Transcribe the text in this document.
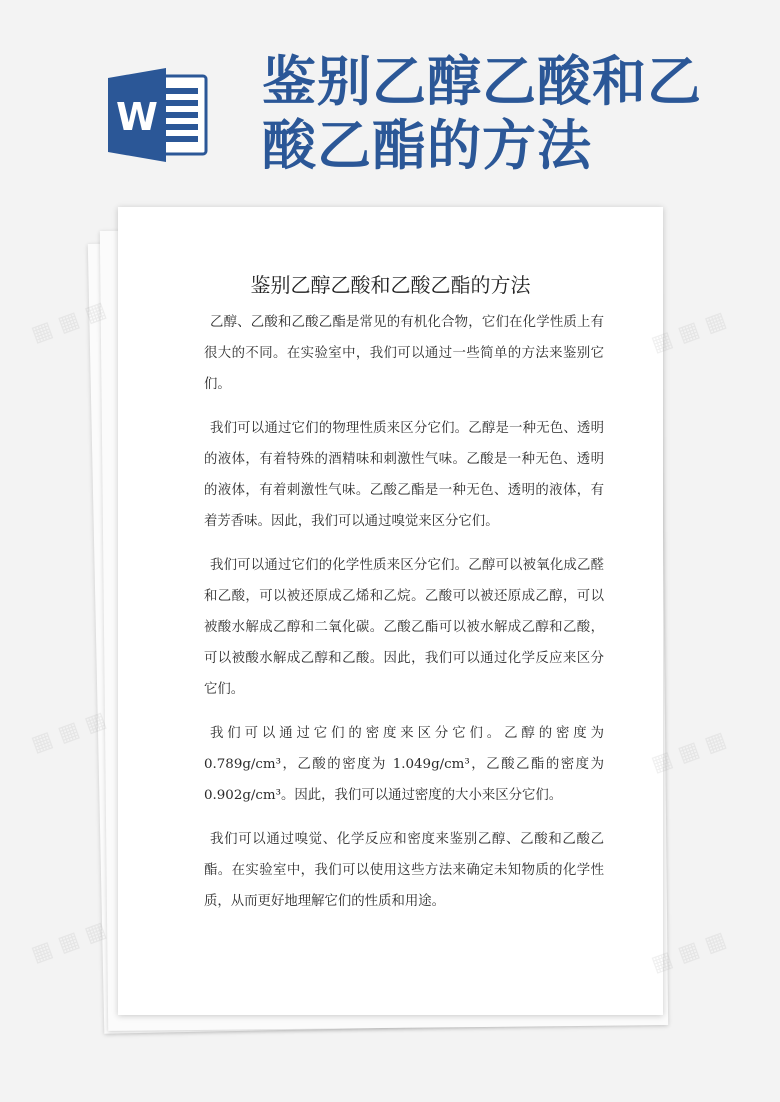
W
鉴别乙醇乙酸和乙酸乙酯的方法
鉴别乙醇乙酸和乙酸乙酯的方法

乙醇、乙酸和乙酸乙酯是常见的有机化合物，它们在化学性质上有很大的不同。在实验室中，我们可以通过一些简单的方法来鉴别它们。

我们可以通过它们的物理性质来区分它们。乙醇是一种无色、透明的液体，有着特殊的酒精味和刺激性气味。乙酸是一种无色、透明的液体，有着刺激性气味。乙酸乙酯是一种无色、透明的液体，有着芳香味。因此，我们可以通过嗅觉来区分它们。

我们可以通过它们的化学性质来区分它们。乙醇可以被氧化成乙醛和乙酸，可以被还原成乙烯和乙烷。乙酸可以被还原成乙醇，可以被酸水解成乙醇和二氧化碳。乙酸乙酯可以被水解成乙醇和乙酸，可以被酸水解成乙醇和乙酸。因此，我们可以通过化学反应来区分它们。

我们可以通过它们的密度来区分它们。乙醇的密度为 0.789g/cm³，乙酸的密度为 1.049g/cm³，乙酸乙酯的密度为 0.902g/cm³。因此，我们可以通过密度的大小来区分它们。

我们可以通过嗅觉、化学反应和密度来鉴别乙醇、乙酸和乙酸乙酯。在实验室中，我们可以使用这些方法来确定未知物质的化学性质，从而更好地理解它们的性质和用途。

▦ ▦ ▦	▦ ▦ ▦
▦ ▦ ▦	▦ ▦ ▦
▦ ▦ ▦	▦ ▦ ▦
